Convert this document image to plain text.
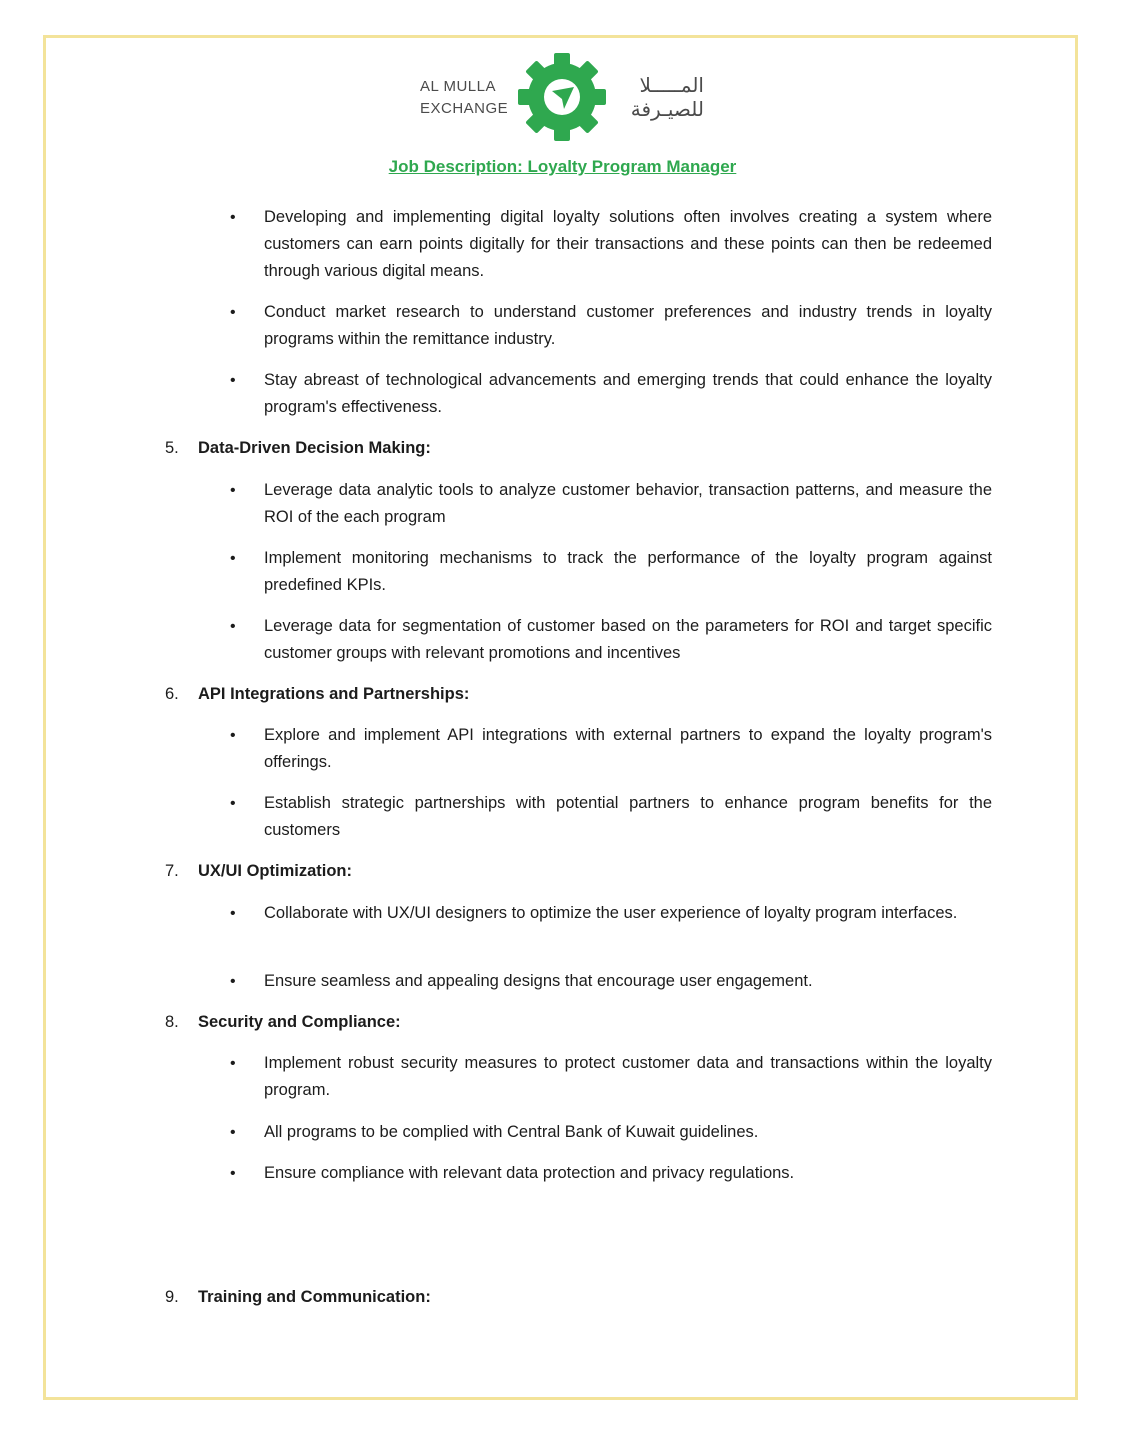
AL MULLA
EXCHANGE
المـــــلا
للصيـرفة
Job Description: Loyalty Program Manager
• Developing and implementing digital loyalty solutions often involves creating a system where customers can earn points digitally for their transactions and these points can then be redeemed through various digital means.
• Conduct market research to understand customer preferences and industry trends in loyalty programs within the remittance industry.
• Stay abreast of technological advancements and emerging trends that could enhance the loyalty program's effectiveness.
5. Data-Driven Decision Making:
• Leverage data analytic tools to analyze customer behavior, transaction patterns, and measure the ROI of the each program
• Implement monitoring mechanisms to track the performance of the loyalty program against predefined KPIs.
• Leverage data for segmentation of customer based on the parameters for ROI and target specific customer groups with relevant promotions and incentives
6. API Integrations and Partnerships:
• Explore and implement API integrations with external partners to expand the loyalty program's offerings.
• Establish strategic partnerships with potential partners to enhance program benefits for the customers
7. UX/UI Optimization:
• Collaborate with UX/UI designers to optimize the user experience of loyalty program interfaces.
• Ensure seamless and appealing designs that encourage user engagement.
8. Security and Compliance:
• Implement robust security measures to protect customer data and transactions within the loyalty program.
• All programs to be complied with Central Bank of Kuwait guidelines.
• Ensure compliance with relevant data protection and privacy regulations.
9. Training and Communication:
